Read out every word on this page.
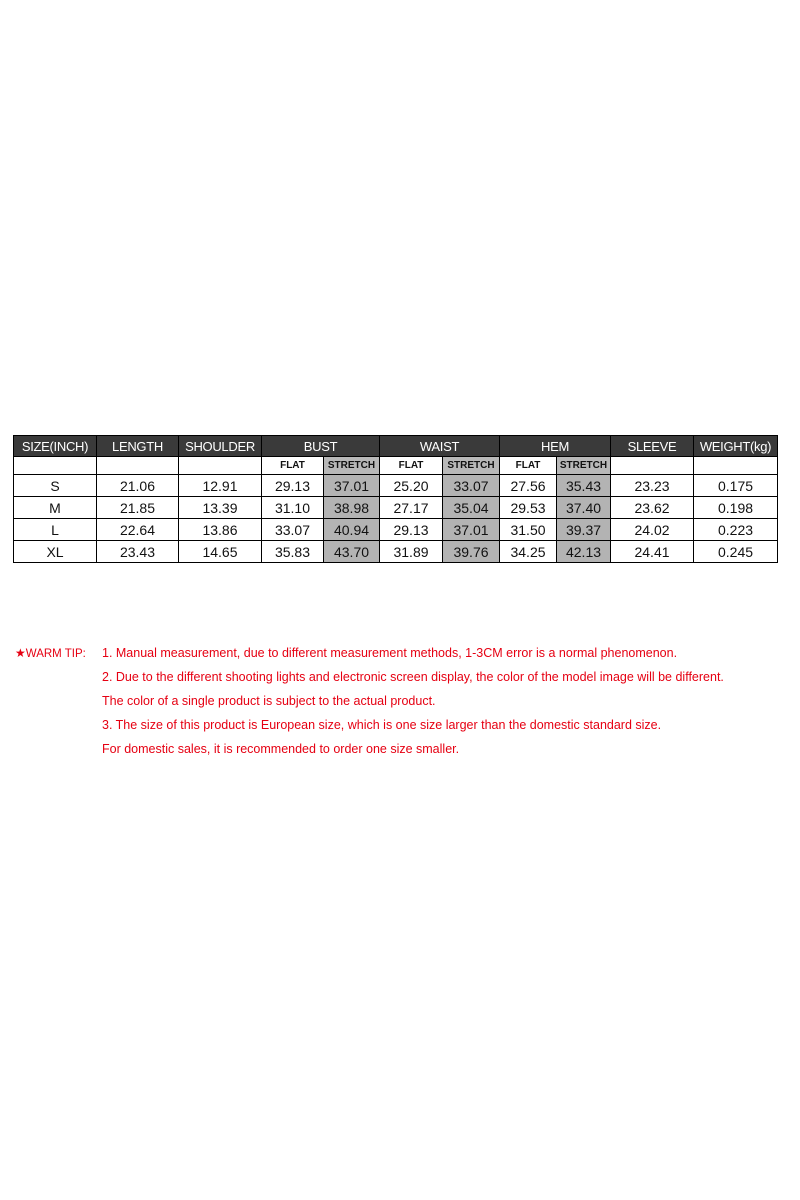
SIZE(INCH)	LENGTH	SHOULDER	BUST		WAIST		HEM		SLEEVE	WEIGHT(kg)
			FLAT	STRETCH	FLAT	STRETCH	FLAT	STRETCH		
S	21.06	12.91	29.13	37.01	25.20	33.07	27.56	35.43	23.23	0.175
M	21.85	13.39	31.10	38.98	27.17	35.04	29.53	37.40	23.62	0.198
L	22.64	13.86	33.07	40.94	29.13	37.01	31.50	39.37	24.02	0.223
XL	23.43	14.65	35.83	43.70	31.89	39.76	34.25	42.13	24.41	0.245
★WARM TIP: 1. Manual measurement, due to different measurement methods, 1-3CM error is a normal phenomenon.
2. Due to the different shooting lights and electronic screen display, the color of the model image will be different.
The color of a single product is subject to the actual product.
3. The size of this product is European size, which is one size larger than the domestic standard size.
For domestic sales, it is recommended to order one size smaller.
